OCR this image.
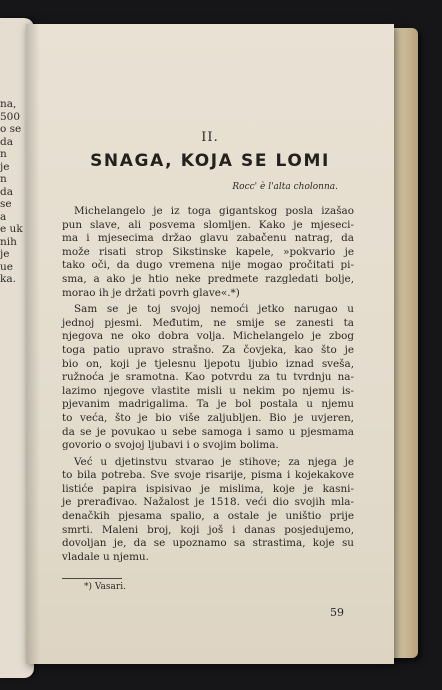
na,
500
o se
da
n
je
n
da
se
a
e uk
nih
je
ue
ka.
II.
SNAGA, KOJA SE LOMI

Rocc' è l'alta cholonna.

Michelangelo je iz toga gigantskog posla izašao
pun slave, ali posvema slomljen. Kako je mjeseci-
ma i mjesecima držao glavu zabačenu natrag, da
može risati strop Sikstinske kapele, »pokvario je
tako oči, da dugo vremena nije mogao pročitati pi-
sma, a ako je htio neke predmete razgledati bolje,
morao ih je držati povrh glave«.*)
Sam se je toj svojoj nemoći jetko narugao u
jednoj pjesmi. Međutim, ne smije se zanesti ta
njegova ne oko dobra volja. Michelangelo je zbog
toga patio upravo strašno. Za čovjeka, kao što je
bio on, koji je tjelesnu ljepotu ljubio iznad sveša,
ružnoća je sramotna. Kao potvrdu za tu tvrdnju na-
lazimo njegove vlastite misli u nekim po njemu is-
pjevanim madrigalima. Ta je bol postala u njemu
to veća, što je bio više zaljubljen. Bio je uvjeren,
da se je povukao u sebe samoga i samo u pjesmama
govorio o svojoj ljubavi i o svojim bolima.
Već u djetinstvu stvarao je stihove; za njega je
to bila potreba. Sve svoje risarije, pisma i kojekakove
listiće papira ispisivao je mislima, koje je kasni-
je prerađivao. Nažalost je 1518. veći dio svojih mla-
denačkih pjesama spalio, a ostale je uništio prije
smrti. Maleni broj, koji još i danas posjedujemo,
dovoljan je, da se upoznamo sa strastima, koje su
vladale u njemu.

*) Vasari.

59
